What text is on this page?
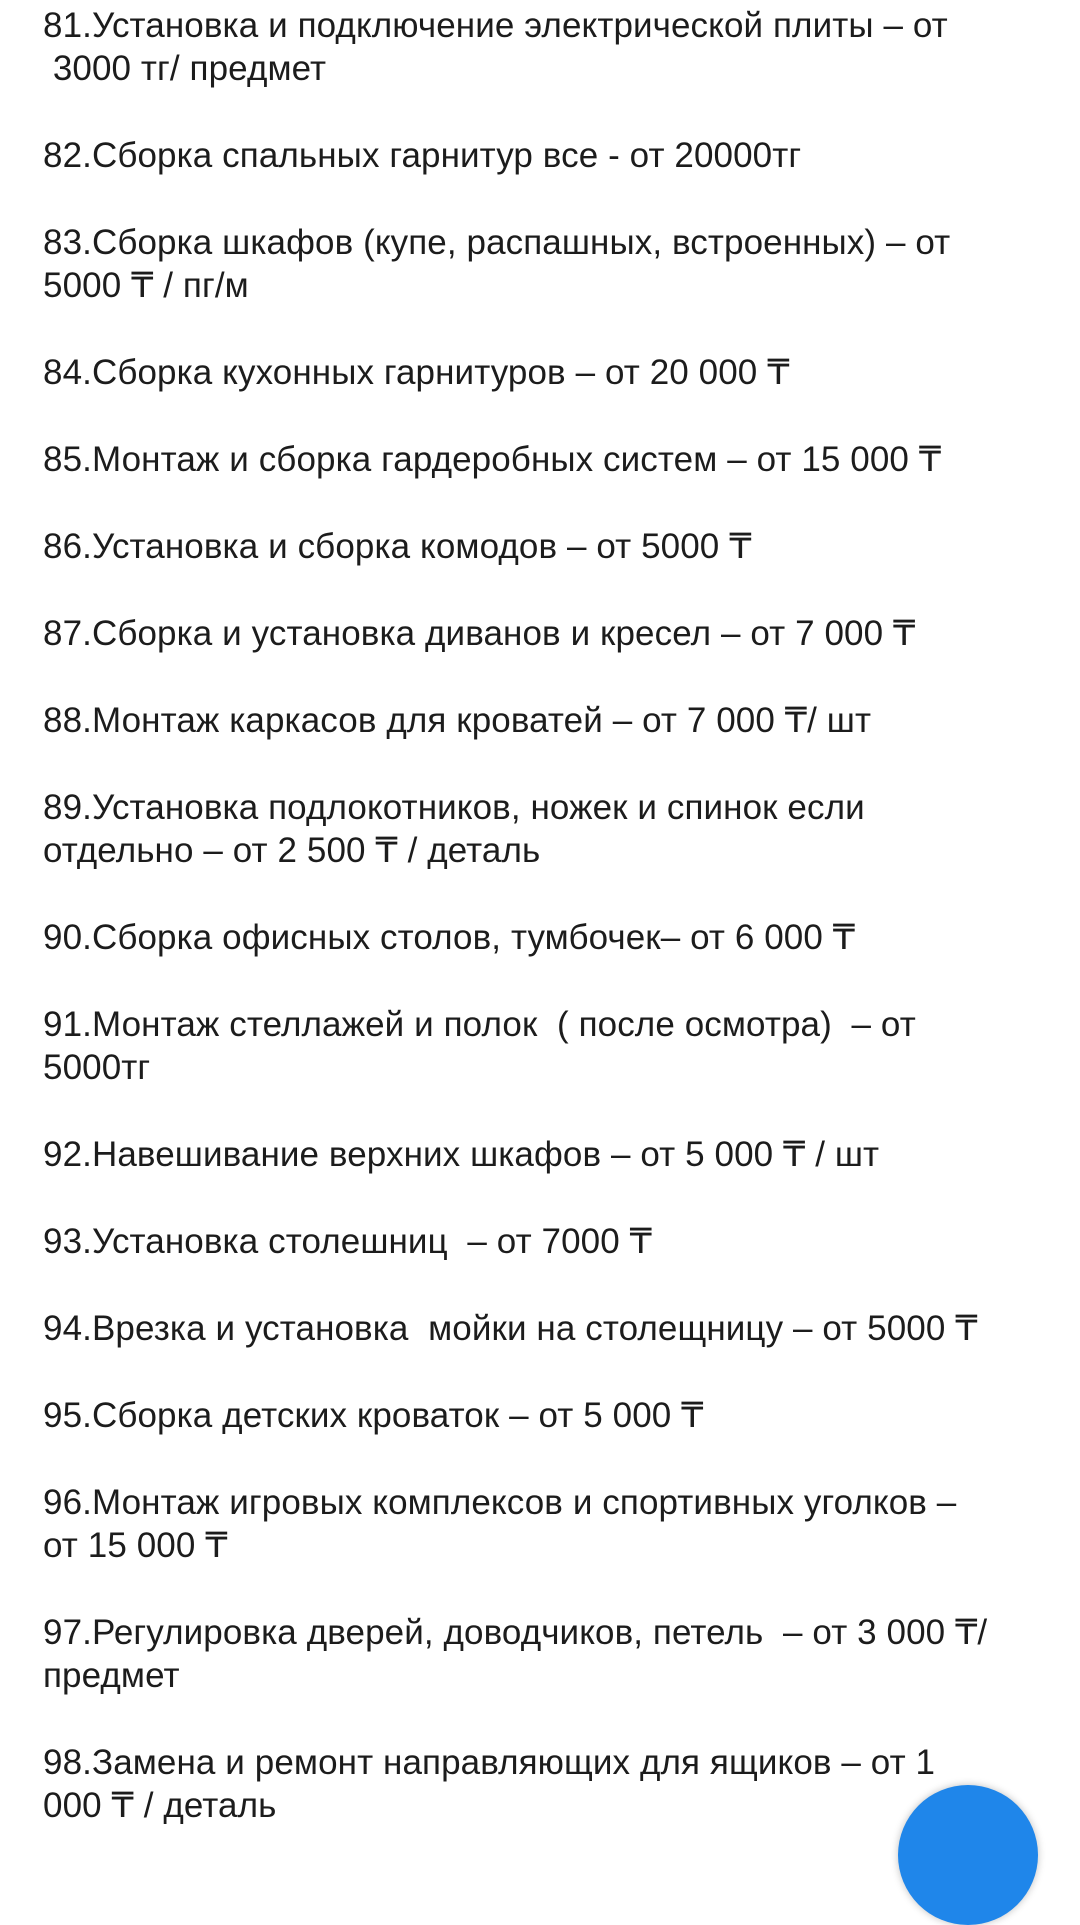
81.Установка и подключение электрической плиты – от
3000 тг/ предмет
82.Сборка спальных гарнитур все - от 20000тг
83.Сборка шкафов (купе, распашных, встроенных) – от
5000 ₸ / пг/м
84.Сборка кухонных гарнитуров – от 20 000 ₸
85.Монтаж и сборка гардеробных систем – от 15 000 ₸
86.Установка и сборка комодов – от 5000 ₸
87.Сборка и установка диванов и кресел – от 7 000 ₸
88.Монтаж каркасов для кроватей – от 7 000 ₸/ шт
89.Установка подлокотников, ножек и спинок если
отдельно – от 2 500 ₸ / деталь
90.Сборка офисных столов, тумбочек– от 6 000 ₸
91.Монтаж стеллажей и полок  ( после осмотра)  – от
5000тг
92.Навешивание верхних шкафов – от 5 000 ₸ / шт
93.Установка столешниц  – от 7000 ₸
94.Врезка и установка  мойки на столещницу – от 5000 ₸
95.Сборка детских кроваток – от 5 000 ₸
96.Монтаж игровых комплексов и спортивных уголков –
от 15 000 ₸
97.Регулировка дверей, доводчиков, петель  – от 3 000 ₸/
предмет
98.Замена и ремонт направляющих для ящиков – от 1
000 ₸ / деталь
